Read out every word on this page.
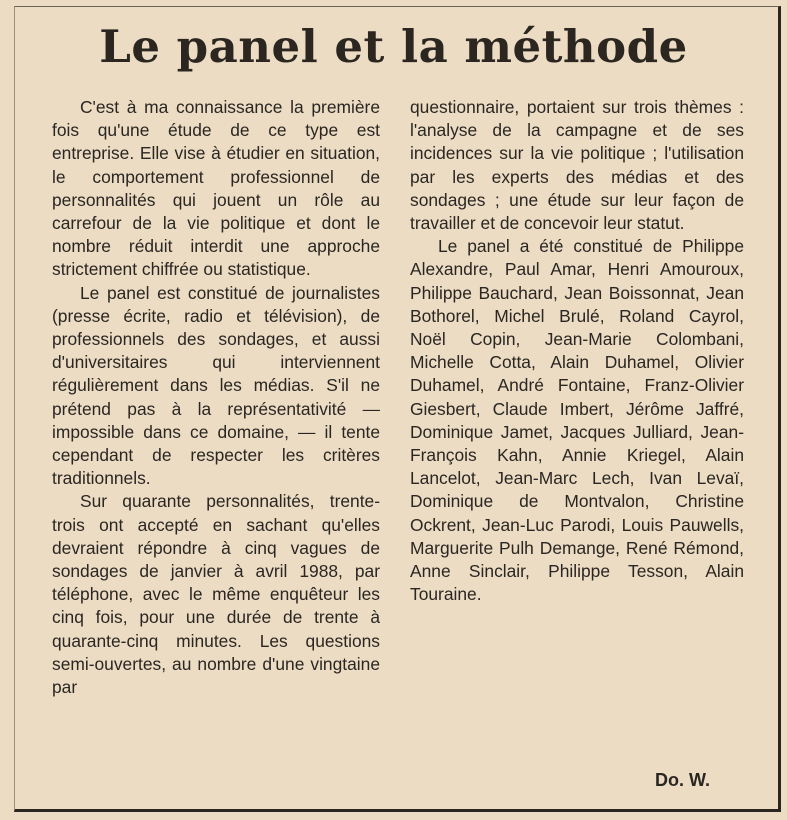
Le panel et la méthode

C'est à ma connaissance la première fois qu'une étude de ce type est entreprise. Elle vise à étudier en situation, le comportement professionnel de personnalités qui jouent un rôle au carrefour de la vie politique et dont le nombre réduit interdit une approche strictement chiffrée ou statistique.

Le panel est constitué de journalistes (presse écrite, radio et télévision), de professionnels des sondages, et aussi d'universitaires qui interviennent régulièrement dans les médias. S'il ne prétend pas à la représentativité — impossible dans ce domaine, — il tente cependant de respecter les critères traditionnels.

Sur quarante personnalités, trente-trois ont accepté en sachant qu'elles devraient répondre à cinq vagues de sondages de janvier à avril 1988, par téléphone, avec le même enquêteur les cinq fois, pour une durée de trente à quarante-cinq minutes. Les questions semi-ouvertes, au nombre d'une vingtaine par

questionnaire, portaient sur trois thèmes : l'analyse de la campagne et de ses incidences sur la vie politique ; l'utilisation par les experts des médias et des sondages ; une étude sur leur façon de travailler et de concevoir leur statut.

Le panel a été constitué de Philippe Alexandre, Paul Amar, Henri Amouroux, Philippe Bauchard, Jean Boissonnat, Jean Bothorel, Michel Brulé, Roland Cayrol, Noël Copin, Jean-Marie Colombani, Michelle Cotta, Alain Duhamel, Olivier Duhamel, André Fontaine, Franz-Olivier Giesbert, Claude Imbert, Jérôme Jaffré, Dominique Jamet, Jacques Julliard, Jean-François Kahn, Annie Kriegel, Alain Lancelot, Jean-Marc Lech, Ivan Levaï, Dominique de Montvalon, Christine Ockrent, Jean-Luc Parodi, Louis Pauwells, Marguerite Pulh Demange, René Rémond, Anne Sinclair, Philippe Tesson, Alain Touraine.

Do. W.
